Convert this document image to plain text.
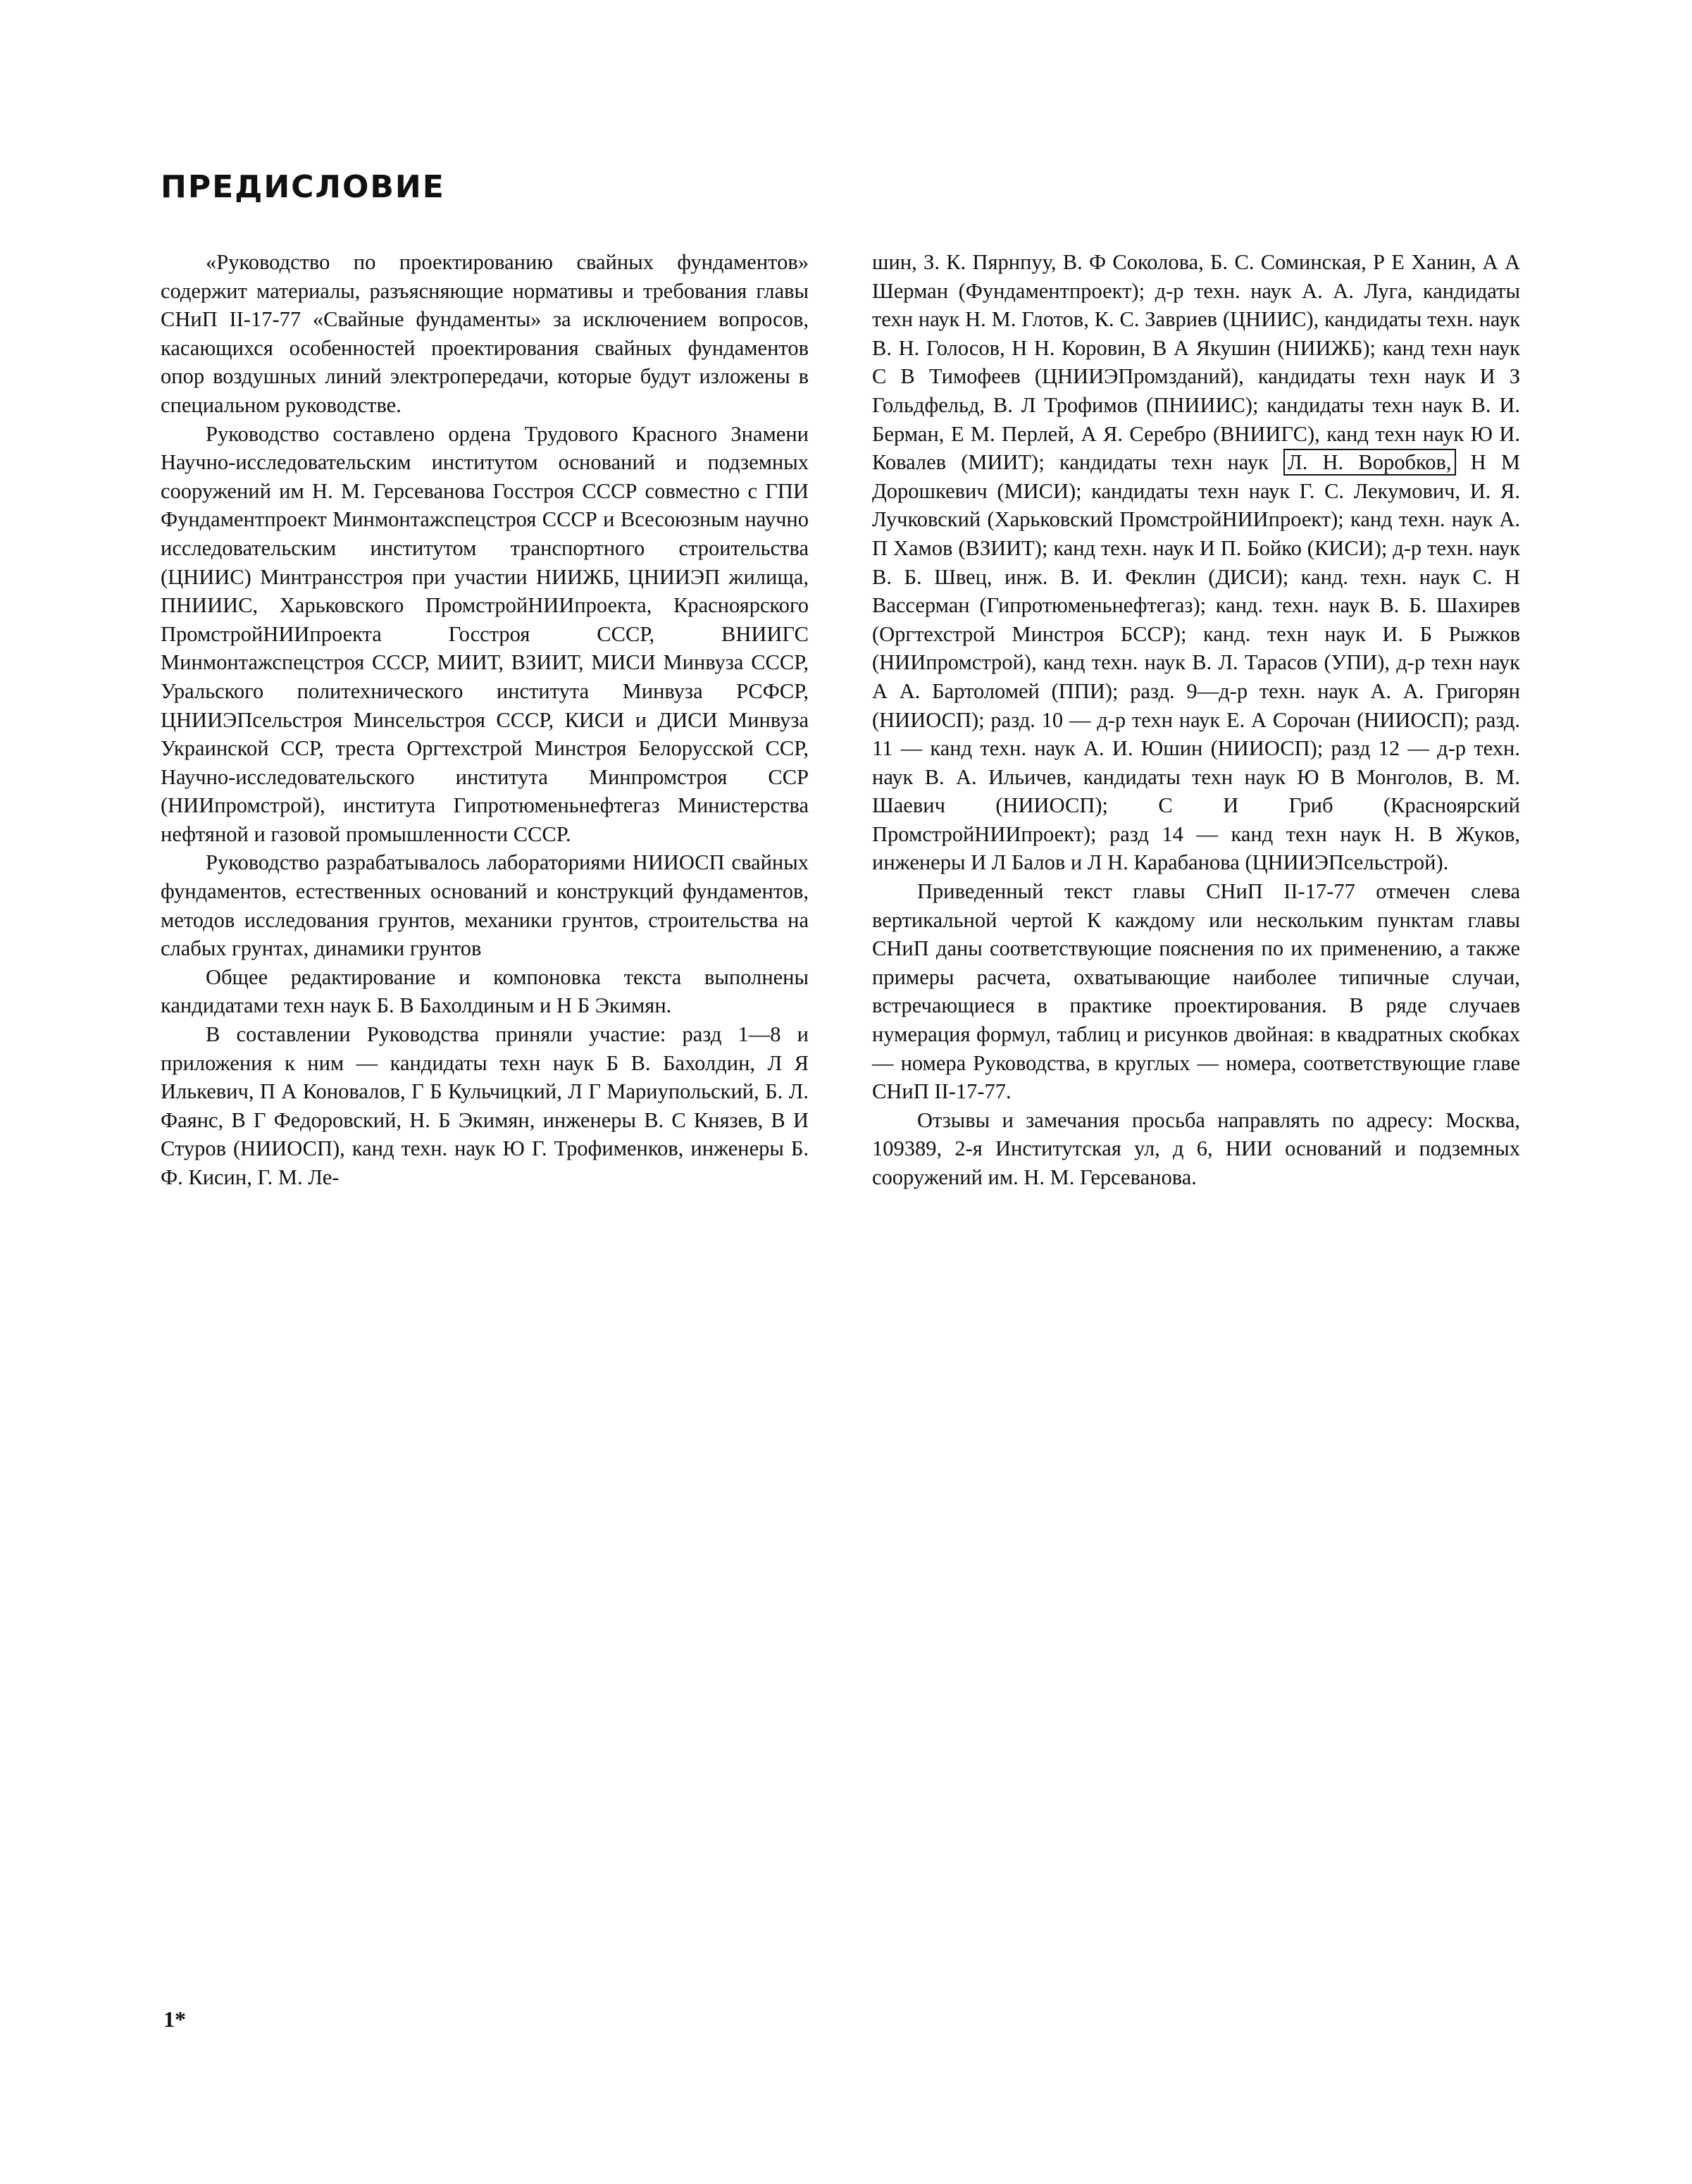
ПРЕДИСЛОВИЕ

«Руководство по проектированию свайных фундаментов» содержит материалы, разъясняющие нормативы и требования главы СНиП II-17-77 «Свайные фундаменты» за исключением вопросов, касающихся особенностей проектирования свайных фундаментов опор воздушных линий электропередачи, которые будут изложены в специальном руководстве.

Руководство составлено ордена Трудового Красного Знамени Научно-исследовательским институтом оснований и подземных сооружений им Н. М. Герсеванова Госстроя СССР совместно с ГПИ Фундаментпроект Минмонтажспецстроя СССР и Всесоюзным научно исследовательским институтом транспортного строительства (ЦНИИС) Минтрансстроя при участии НИИЖБ, ЦНИИЭП жилища, ПНИИИС, Харьковского ПромстройНИИпроекта, Красноярского ПромстройНИИпроекта Госстроя СССР, ВНИИГС Минмонтажспецстроя СССР, МИИТ, ВЗИИТ, МИСИ Минвуза СССР, Уральского политехнического института Минвуза РСФСР, ЦНИИЭПсельстроя Минсельстроя СССР, КИСИ и ДИСИ Минвуза Украинской ССР, треста Оргтехстрой Минстроя Белорусской ССР, Научно-исследовательского института Минпромстроя ССР (НИИпромстрой), института Гипротюменьнефтегаз Министерства нефтяной и газовой промышленности СССР.

Руководство разрабатывалось лабораториями НИИОСП свайных фундаментов, естественных оснований и конструкций фундаментов, методов исследования грунтов, механики грунтов, строительства на слабых грунтах, динамики грунтов

Общее редактирование и компоновка текста выполнены кандидатами техн наук Б. В Бахолдиным и Н Б Экимян.

В составлении Руководства приняли участие: разд 1—8 и приложения к ним — кандидаты техн наук Б В. Бахолдин, Л Я Илькевич, П А Коновалов, Г Б Кульчицкий, Л Г Мариупольский, Б. Л. Фаянс, В Г Федоровский, Н. Б Экимян, инженеры В. С Князев, В И Стуров (НИИОСП), канд техн. наук Ю Г. Трофименков, инженеры Б. Ф. Кисин, Г. М. Ле-

шин, З. К. Пярнпуу, В. Ф Соколова, Б. С. Соминская, Р Е Ханин, А А Шерман (Фундаментпроект); д-р техн. наук А. А. Луга, кандидаты техн наук Н. М. Глотов, К. С. Завриев (ЦНИИС), кандидаты техн. наук В. Н. Голосов, Н Н. Коровин, В А Якушин (НИИЖБ); канд техн наук С В Тимофеев (ЦНИИЭПромзданий), кандидаты техн наук И З Гольдфельд, В. Л Трофимов (ПНИИИС); кандидаты техн наук В. И. Берман, Е М. Перлей, А Я. Серебро (ВНИИГС), канд техн наук Ю И. Ковалев (МИИТ); кандидаты техн наук Л. Н. Воробков, Н М Дорошкевич (МИСИ); кандидаты техн наук Г. С. Лекумович, И. Я. Лучковский (Харьковский ПромстройНИИпроект); канд техн. наук А. П Хамов (ВЗИИТ); канд техн. наук И П. Бойко (КИСИ); д-р техн. наук В. Б. Швец, инж. В. И. Феклин (ДИСИ); канд. техн. наук С. Н Вассерман (Гипротюменьнефтегаз); канд. техн. наук В. Б. Шахирев (Оргтехстрой Минстроя БССР); канд. техн наук И. Б Рыжков (НИИпромстрой), канд техн. наук В. Л. Тарасов (УПИ), д-р техн наук А А. Бартоломей (ППИ); разд. 9—д-р техн. наук А. А. Григорян (НИИОСП); разд. 10 — д-р техн наук Е. А Сорочан (НИИОСП); разд. 11 — канд техн. наук А. И. Юшин (НИИОСП); разд 12 — д-р техн. наук В. А. Ильичев, кандидаты техн наук Ю В Монголов, В. М. Шаевич (НИИОСП); С И Гриб (Красноярский ПромстройНИИпроект); разд 14 — канд техн наук Н. В Жуков, инженеры И Л Балов и Л Н. Карабанова (ЦНИИЭПсельстрой).

Приведенный текст главы СНиП II-17-77 отмечен слева вертикальной чертой К каждому или нескольким пунктам главы СНиП даны соответствующие пояснения по их применению, а также примеры расчета, охватывающие наиболее типичные случаи, встречающиеся в практике проектирования. В ряде случаев нумерация формул, таблиц и рисунков двойная: в квадратных скобках — номера Руководства, в круглых — номера, соответствующие главе СНиП II-17-77.

Отзывы и замечания просьба направлять по адресу: Москва, 109389, 2-я Институтская ул, д 6, НИИ оснований и подземных сооружений им. Н. М. Герсеванова.

1*
